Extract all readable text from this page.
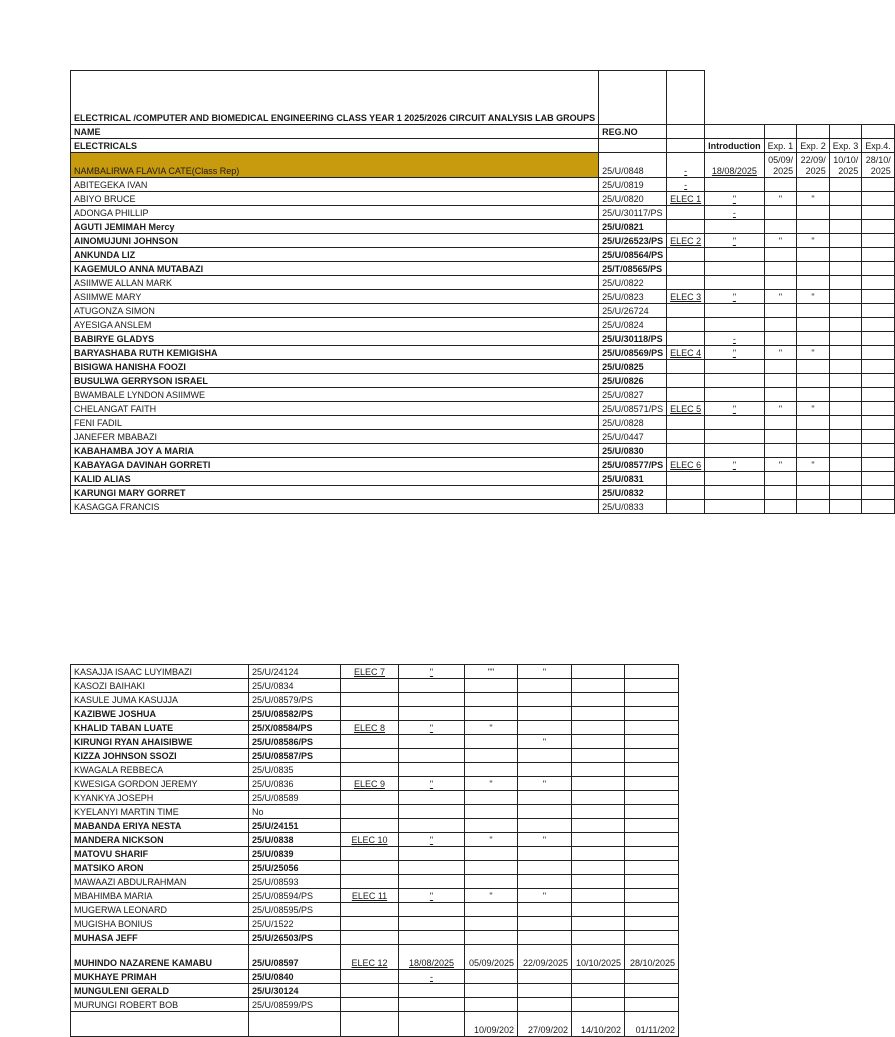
ELECTRICAL /COMPUTER AND BIOMEDICAL ENGINEERING CLASS YEAR 1 2025/2026 CIRCUIT ANALYSIS LAB GROUPS							
NAME	REG.NO						
ELECTRICALS			Introduction	Exp. 1	Exp. 2	Exp. 3	Exp.4.
NAMBALIRWA FLAVIA CATE(Class Rep)	25/U/0848	-	18/08/2025	05/09/2025	22/09/2025	10/10/2025	28/10/2025
ABITEGEKA IVAN	25/U/0819	-					
ABIYO BRUCE	25/U/0820	ELEC 1	"	"	"		
ADONGA PHILLIP	25/U/30117/PS		-				
AGUTI JEMIMAH Mercy	25/U/0821						
AINOMUJUNI JOHNSON	25/U/26523/PS	ELEC 2	"	"	"		
ANKUNDA LIZ	25/U/08564/PS						
KAGEMULO ANNA MUTABAZI	25/T/08565/PS						
ASIIMWE ALLAN MARK	25/U/0822						
ASIIMWE MARY	25/U/0823	ELEC 3	"	"	"		
ATUGONZA SIMON	25/U/26724						
AYESIGA ANSLEM	25/U/0824						
BABIRYE GLADYS	25/U/30118/PS		-				
BARYASHABA RUTH KEMIGISHA	25/U/08569/PS	ELEC 4	"	"	"		
BISIGWA HANISHA FOOZI	25/U/0825						
BUSULWA GERRYSON ISRAEL	25/U/0826						
BWAMBALE LYNDON ASIIMWE	25/U/0827						
CHELANGAT FAITH	25/U/08571/PS	ELEC 5	"	"	"		
FENI FADIL	25/U/0828						
JANEFER MBABAZI	25/U/0447						
KABAHAMBA JOY A MARIA	25/U/0830						
KABAYAGA DAVINAH GORRETI	25/U/08577/PS	ELEC 6	"	"	"		
KALID ALIAS	25/U/0831						
KARUNGI MARY GORRET	25/U/0832						
KASAGGA FRANCIS	25/U/0833						
KASAJJA ISAAC LUYIMBAZI	25/U/24124	ELEC 7	"	""	"		
KASOZI BAIHAKI	25/U/0834						
KASULE JUMA KASUJJA	25/U/08579/PS						
KAZIBWE JOSHUA	25/U/08582/PS						
KHALID TABAN LUATE	25/X/08584/PS	ELEC 8	"	"			
KIRUNGI RYAN AHAISIBWE	25/U/08586/PS				"		
KIZZA JOHNSON SSOZI	25/U/08587/PS						
KWAGALA REBBECA	25/U/0835						
KWESIGA GORDON JEREMY	25/U/0836	ELEC 9	"	"	"		
KYANKYA JOSEPH	25/U/08589						
KYELANYI MARTIN TIME	No						
MABANDA ERIYA NESTA	25/U/24151						
MANDERA NICKSON	25/U/0838	ELEC 10	"	"	"		
MATOVU SHARIF	25/U/0839						
MATSIKO ARON	25/U/25056						
MAWAAZI ABDULRAHMAN	25/U/08593						
MBAHIMBA MARIA	25/U/08594/PS	ELEC 11	"	"	"		
MUGERWA LEONARD	25/U/08595/PS						
MUGISHA BONIUS	25/U/1522						
MUHASA JEFF	25/U/26503/PS						
MUHINDO NAZARENE KAMABU	25/U/08597	ELEC 12	18/08/2025	05/09/2025	22/09/2025	10/10/2025	28/10/2025
MUKHAYE PRIMAH	25/U/0840		-				
MUNGULENI GERALD	25/U/30124						
MURUNGI ROBERT BOB	25/U/08599/PS						
				10/09/202	27/09/202	14/10/202	01/11/202
